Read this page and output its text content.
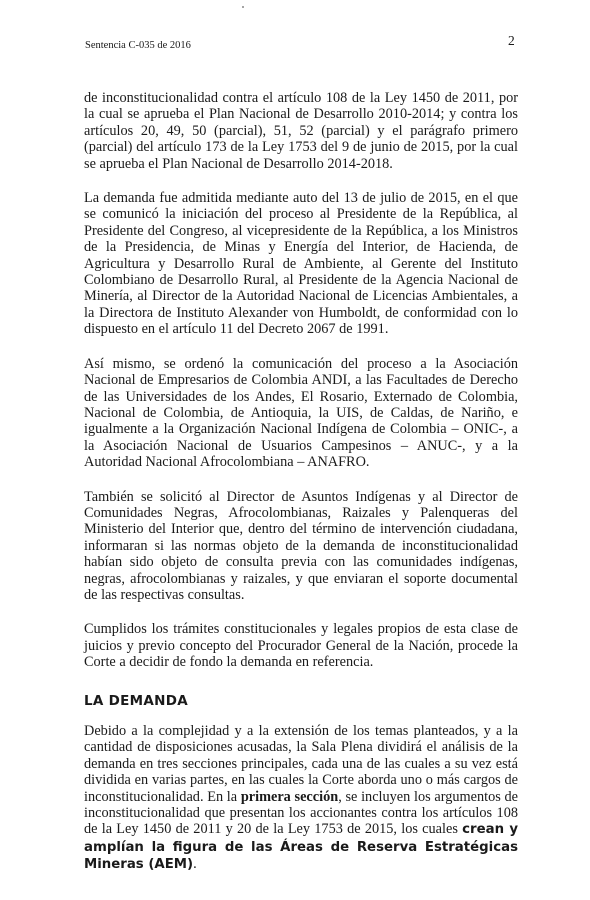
Sentencia C-035 de 2016	2

de inconstitucionalidad contra el artículo 108 de la Ley 1450 de 2011, por la cual se aprueba el Plan Nacional de Desarrollo 2010-2014; y contra los artículos 20, 49, 50 (parcial), 51, 52 (parcial) y el parágrafo primero (parcial) del artículo 173 de la Ley 1753 del 9 de junio de 2015, por la cual se aprueba el Plan Nacional de Desarrollo 2014-2018.

La demanda fue admitida mediante auto del 13 de julio de 2015, en el que se comunicó la iniciación del proceso al Presidente de la República, al Presidente del Congreso, al vicepresidente de la República, a los Ministros de la Presidencia, de Minas y Energía del Interior, de Hacienda, de Agricultura y Desarrollo Rural de Ambiente, al Gerente del Instituto Colombiano de Desarrollo Rural, al Presidente de la Agencia Nacional de Minería, al Director de la Autoridad Nacional de Licencias Ambientales, a la Directora de Instituto Alexander von Humboldt, de conformidad con lo dispuesto en el artículo 11 del Decreto 2067 de 1991.

Así mismo, se ordenó la comunicación del proceso a la Asociación Nacional de Empresarios de Colombia ANDI, a las Facultades de Derecho de las Universidades de los Andes, El Rosario, Externado de Colombia, Nacional de Colombia, de Antioquia, la UIS, de Caldas, de Nariño, e igualmente a la Organización Nacional Indígena de Colombia – ONIC-, a la Asociación Nacional de Usuarios Campesinos – ANUC-, y a la Autoridad Nacional Afrocolombiana – ANAFRO.

También se solicitó al Director de Asuntos Indígenas y al Director de Comunidades Negras, Afrocolombianas, Raizales y Palenqueras del Ministerio del Interior que, dentro del término de intervención ciudadana, informaran si las normas objeto de la demanda de inconstitucionalidad habían sido objeto de consulta previa con las comunidades indígenas, negras, afrocolombianas y raizales, y que enviaran el soporte documental de las respectivas consultas.

Cumplidos los trámites constitucionales y legales propios de esta clase de juicios y previo concepto del Procurador General de la Nación, procede la Corte a decidir de fondo la demanda en referencia.

LA DEMANDA

Debido a la complejidad y a la extensión de los temas planteados, y a la cantidad de disposiciones acusadas, la Sala Plena dividirá el análisis de la demanda en tres secciones principales, cada una de las cuales a su vez está dividida en varias partes, en las cuales la Corte aborda uno o más cargos de inconstitucionalidad. En la primera sección, se incluyen los argumentos de inconstitucionalidad que presentan los accionantes contra los artículos 108 de la Ley 1450 de 2011 y 20 de la Ley 1753 de 2015, los cuales crean y amplían la figura de las Áreas de Reserva Estratégicas Mineras (AEM).
